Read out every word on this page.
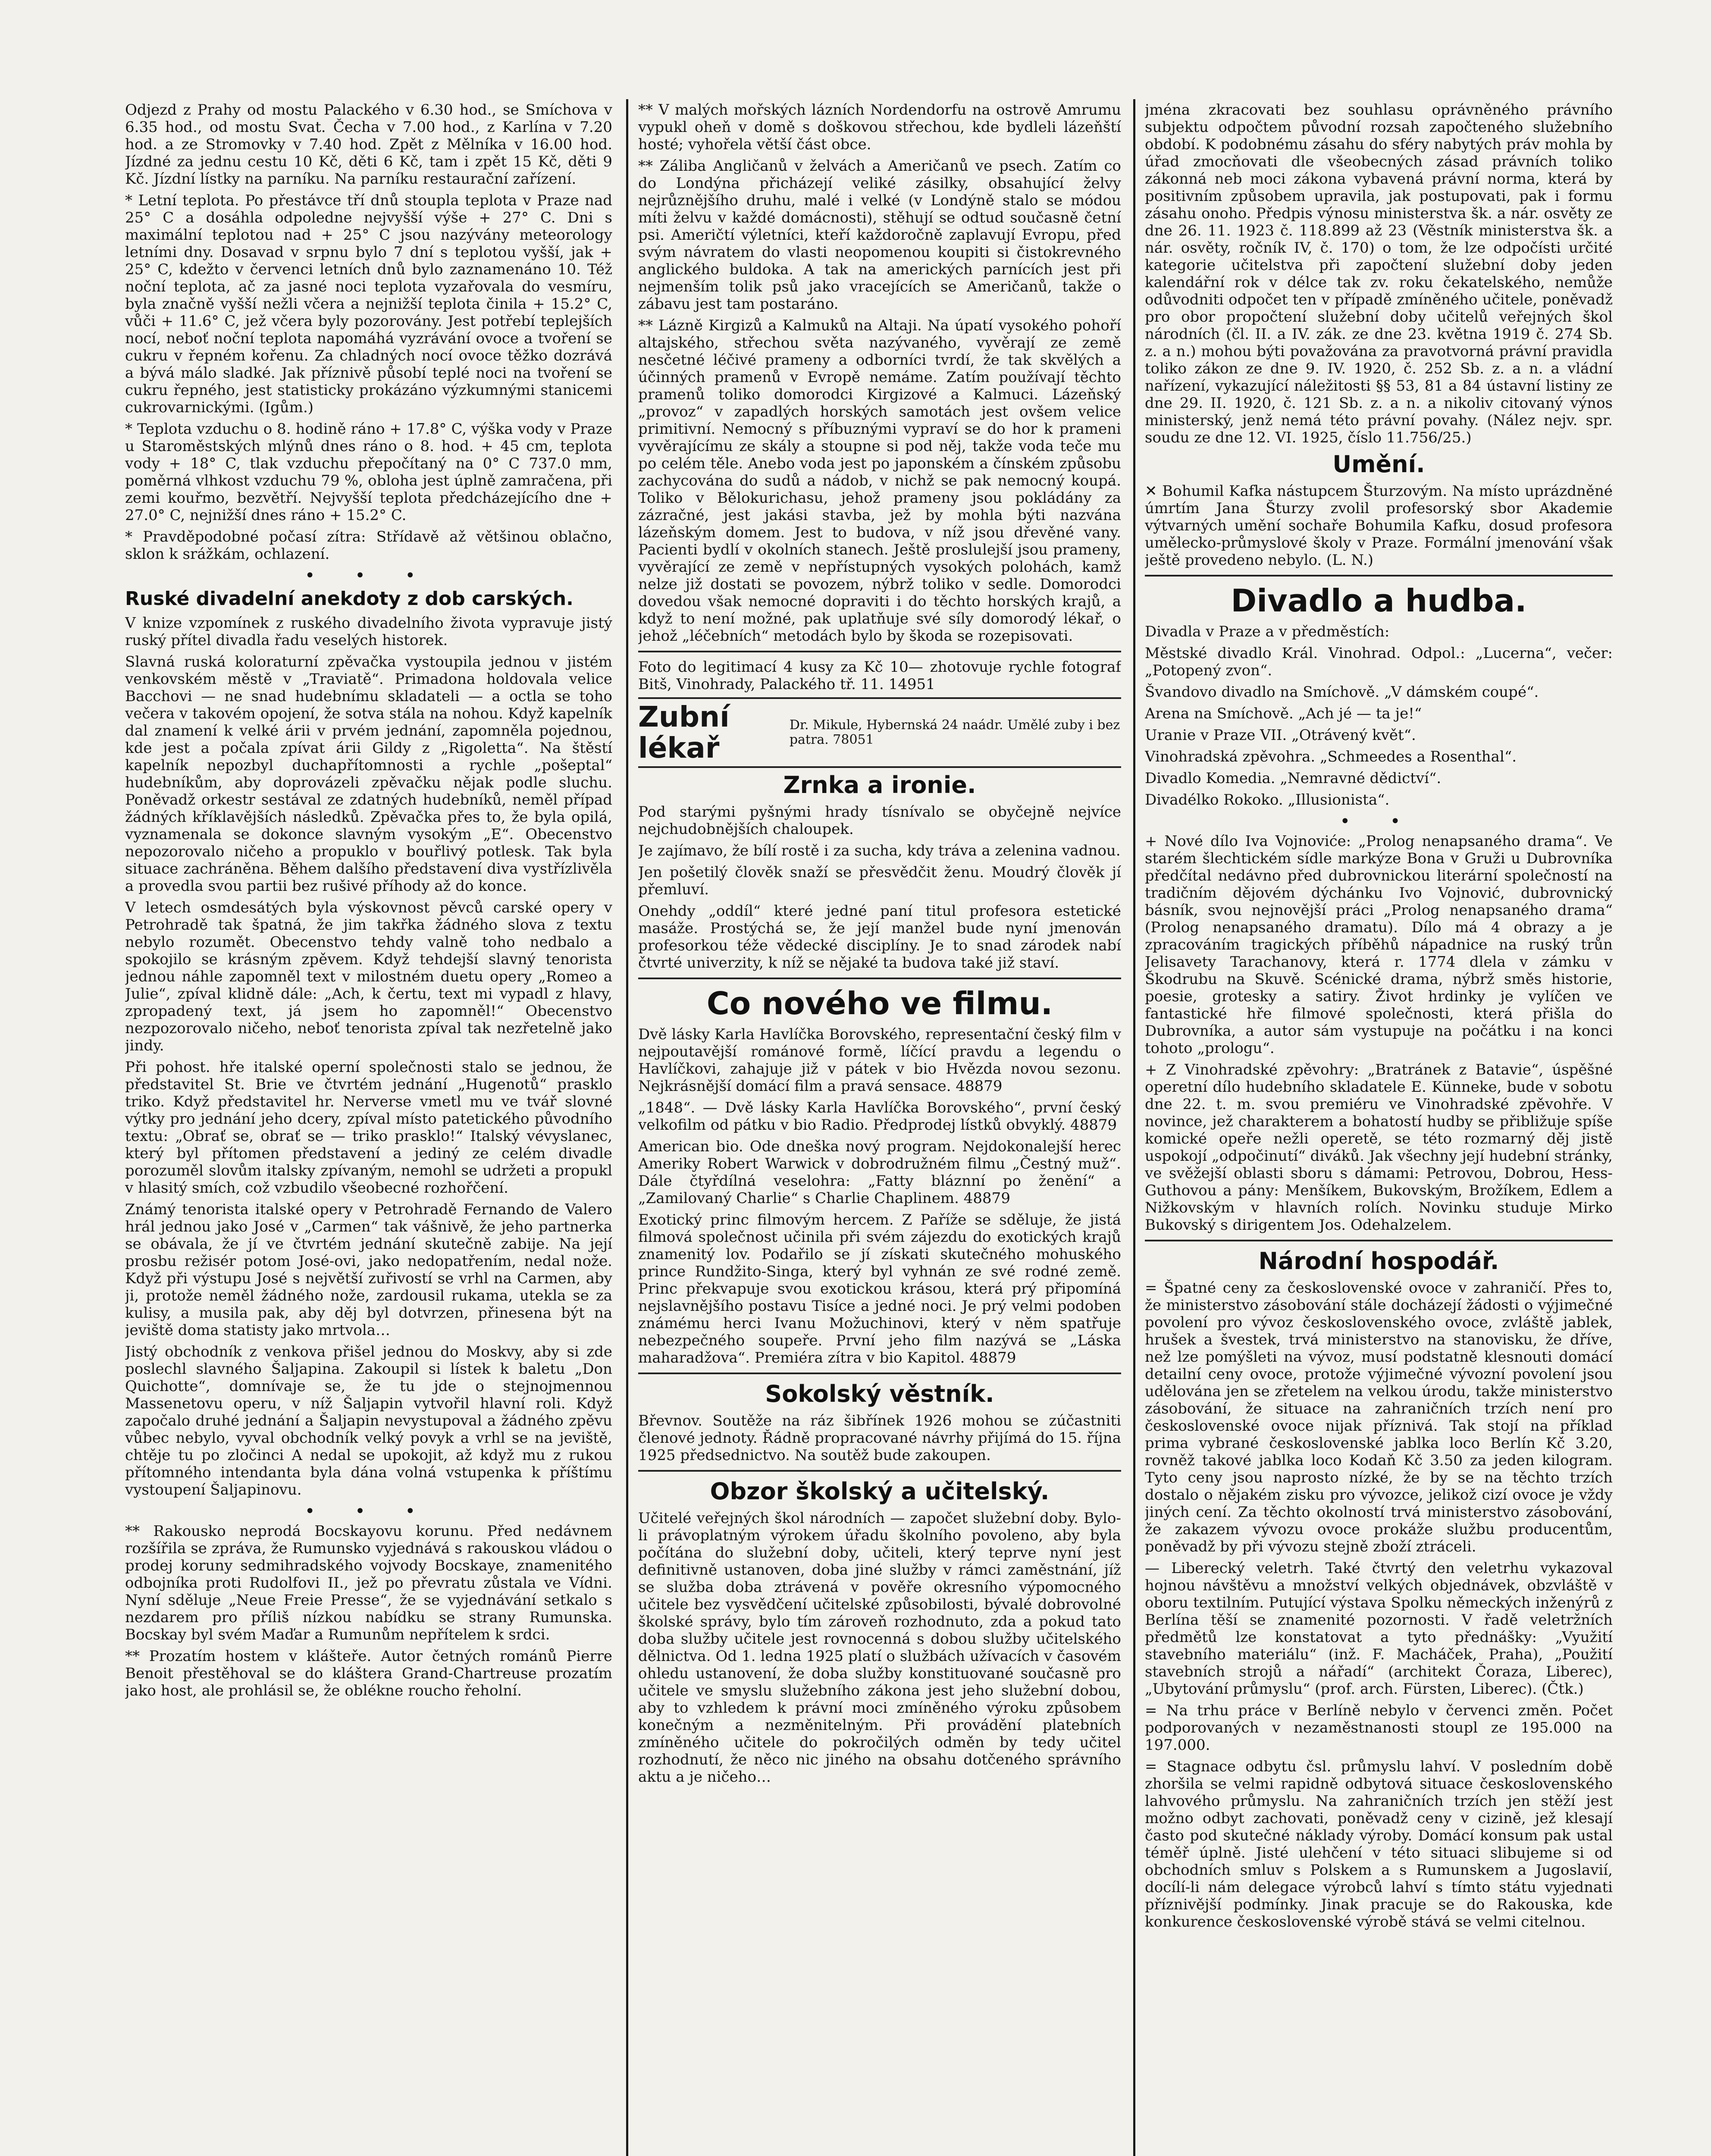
Odjezd z Prahy od mostu Palackého v 6.30 hod., se Smíchova v 6.35 hod., od mostu Svat. Čecha v 7.00 hod., z Karlína v 7.20 hod. a ze Stromovky v 7.40 hod. Zpět z Mělníka v 16.00 hod. Jízdné za jednu cestu 10 Kč, děti 6 Kč, tam i zpět 15 Kč, děti 9 Kč. Jízdní lístky na parníku. Na parníku restaurační zařízení.

* Letní teplota. Po přestávce tří dnů stoupla teplota v Praze nad 25° C a dosáhla odpoledne nejvyšší výše + 27° C. Dni s maximální teplotou nad + 25° C jsou nazývány meteorology letními dny. Dosavad v srpnu bylo 7 dní s teplotou vyšší, jak + 25° C, kdežto v červenci letních dnů bylo zaznamenáno 10. Též noční teplota, ač za jasné noci teplota vyzařovala do vesmíru, byla značně vyšší nežli včera a nejnižší teplota činila + 15.2° C, vůči + 11.6° C, jež včera byly pozorovány. Jest potřebí teplejších nocí, neboť noční teplota napomáhá vyzrávání ovoce a tvoření se cukru v řepném kořenu. Za chladných nocí ovoce těžko dozrává a bývá málo sladké. Jak příznivě působí teplé noci na tvoření se cukru řepného, jest statisticky prokázáno výzkumnými stanicemi cukrovarnickými. (Igům.)

* Teplota vzduchu o 8. hodině ráno + 17.8° C, výška vody v Praze u Staroměstských mlýnů dnes ráno o 8. hod. + 45 cm, teplota vody + 18° C, tlak vzduchu přepočítaný na 0° C 737.0 mm, poměrná vlhkost vzduchu 79 %, obloha jest úplně zamračena, při zemi kouřmo, bezvětří. Nejvyšší teplota předcházejícího dne + 27.0° C, nejnižší dnes ráno + 15.2° C.

* Pravděpodobné počasí zítra: Střídavě až většinou oblačno, sklon k srážkám, ochlazení.

• • •
Ruské divadelní anekdoty z dob carských.

V knize vzpomínek z ruského divadelního života vypravuje jistý ruský přítel divadla řadu veselých historek.

Slavná ruská koloraturní zpěvačka vystoupila jednou v jistém venkovském městě v „Traviatě“. Primadona holdovala velice Bacchovi — ne snad hudebnímu skladateli — a octla se toho večera v takovém opojení, že sotva stála na nohou. Když kapelník dal znamení k velké árii v prvém jednání, zapomněla pojednou, kde jest a počala zpívat árii Gildy z „Rigoletta“. Na štěstí kapelník nepozbyl duchapřítomnosti a rychle „pošeptal“ hudebníkům, aby doprovázeli zpěvačku nějak podle sluchu. Poněvadž orkestr sestával ze zdatných hudebníků, neměl případ žádných kříklavějších následků. Zpěvačka přes to, že byla opilá, vyznamenala se dokonce slavným vysokým „E“. Obecenstvo nepozorovalo ničeho a propuklo v bouřlivý potlesk. Tak byla situace zachráněna. Během dalšího představení diva vystřízlivěla a provedla svou partii bez rušivé příhody až do konce.

V letech osmdesátých byla výskovnost pěvců carské opery v Petrohradě tak špatná, že jim takřka žádného slova z textu nebylo rozumět. Obecenstvo tehdy valně toho nedbalo a spokojilo se krásným zpěvem. Když tehdejší slavný tenorista jednou náhle zapomněl text v milostném duetu opery „Romeo a Julie“, zpíval klidně dále: „Ach, k čertu, text mi vypadl z hlavy, zpropadený text, já jsem ho zapomněl!“ Obecenstvo nezpozorovalo ničeho, neboť tenorista zpíval tak nezřetelně jako jindy.

Při pohost. hře italské operní společnosti stalo se jednou, že představitel St. Brie ve čtvrtém jednání „Hugenotů“ prasklo triko. Když představitel hr. Nerverse vmetl mu ve tvář slovné výtky pro jednání jeho dcery, zpíval místo patetického původního textu: „Obrať se, obrať se — triko prasklo!“ Italský vévyslanec, který byl přítomen představení a jediný ze celém divadle porozuměl slovům italsky zpívaným, nemohl se udržeti a propukl v hlasitý smích, což vzbudilo všeobecné rozhořčení.

Známý tenorista italské opery v Petrohradě Fernando de Valero hrál jednou jako José v „Carmen“ tak vášnivě, že jeho partnerka se obávala, že jí ve čtvrtém jednání skutečně zabije. Na její prosbu režisér potom José-ovi, jako nedopatřením, nedal nože. Když při výstupu José s největší zuřivostí se vrhl na Carmen, aby ji, protože neměl žádného nože, zardousil rukama, utekla se za kulisy, a musila pak, aby děj byl dotvrzen, přinesena být na jeviště doma statisty jako mrtvola…

Jistý obchodník z venkova přišel jednou do Moskvy, aby si zde poslechl slavného Šaljapina. Zakoupil si lístek k baletu „Don Quichotte“, domnívaje se, že tu jde o stejnojmennou Massenetovu operu, v níž Šaljapin vytvořil hlavní roli. Když započalo druhé jednání a Šaljapin nevystupoval a žádného zpěvu vůbec nebylo, vyval obchodník velký povyk a vrhl se na jeviště, chtěje tu po zločinci A nedal se upokojit, až když mu z rukou přítomného intendanta byla dána volná vstupenka k příštímu vystoupení Šaljapinovu.

• • •

** Rakousko neprodá Bocskayovu korunu. Před nedávnem rozšířila se zpráva, že Rumunsko vyjednává s rakouskou vládou o prodej koruny sedmihradského vojvody Bocskaye, znamenitého odbojníka proti Rudolfovi II., jež po převratu zůstala ve Vídni. Nyní sděluje „Neue Freie Presse“, že se vyjednávání setkalo s nezdarem pro příliš nízkou nabídku se strany Rumunska. Bocskay byl svém Maďar a Rumunům nepřítelem k srdci.

** Prozatím hostem v klášteře. Autor četných románů Pierre Benoit přestěhoval se do kláštera Grand-Chartreuse prozatím jako host, ale prohlásil se, že oblékne roucho řeholní.

** V malých mořských lázních Nordendorfu na ostrově Amrumu vypukl oheň v domě s doškovou střechou, kde bydleli lázeňští hosté; vyhořela větší část obce.

** Záliba Angličanů v želvách a Američanů ve psech. Zatím co do Londýna přicházejí veliké zásilky, obsahující želvy nejrůznějšího druhu, malé i velké (v Londýně stalo se módou míti želvu v každé domácnosti), stěhují se odtud současně četní psi. Američtí výletníci, kteří každoročně zaplavují Evropu, před svým návratem do vlasti neopomenou koupiti si čistokrevného anglického buldoka. A tak na amerických parnících jest při nejmenším tolik psů jako vracejících se Američanů, takže o zábavu jest tam postaráno.

** Lázně Kirgizů a Kalmuků na Altaji. Na úpatí vysokého pohoří altajského, střechou světa nazývaného, vyvěrají ze země nesčetné léčivé prameny a odborníci tvrdí, že tak skvělých a účinných pramenů v Evropě nemáme. Zatím používají těchto pramenů toliko domorodci Kirgizové a Kalmuci. Lázeňský „provoz“ v zapadlých horských samotách jest ovšem velice primitivní. Nemocný s příbuznými vypraví se do hor k prameni vyvěrajícímu ze skály a stoupne si pod něj, takže voda teče mu po celém těle. Anebo voda jest po japonském a čínském způsobu zachycována do sudů a nádob, v nichž se pak nemocný koupá. Toliko v Bělokurichasu, jehož prameny jsou pokládány za zázračné, jest jakási stavba, jež by mohla býti nazvána lázeňským domem. Jest to budova, v níž jsou dřevěné vany. Pacienti bydlí v okolních stanech. Ještě proslulejší jsou prameny, vyvěrající ze země v nepřístupných vysokých polohách, kamž nelze již dostati se povozem, nýbrž toliko v sedle. Domorodci dovedou však nemocné dopraviti i do těchto horských krajů, a když to není možné, pak uplatňuje své síly domorodý lékař, o jehož „léčebních“ metodách bylo by škoda se rozepisovati.

Foto do legitimací 4 kusy za Kč 10— zhotovuje rychle fotograf Bitš, Vinohrady, Palackého tř. 11. 14951

Zubní lékař
Dr. Mikule, Hybernská 24 naádr. Umělé zuby i bez patra. 78051
Zrnka a ironie.

Pod starými pyšnými hrady tísnívalo se obyčejně nejvíce nejchudobnějších chaloupek.

Je zajímavo, že bílí rostě i za sucha, kdy tráva a zelenina vadnou.

Jen pošetilý člověk snaží se přesvědčit ženu. Moudrý člověk jí přemluví.

Onehdy „oddíl“ které jedné paní titul profesora estetické masáže. Prostýchá se, že její manžel bude nyní jmenován profesorkou téže vědecké disciplíny. Je to snad zárodek nabí čtvrté univerzity, k níž se nějaké ta budova také již staví.

Co nového ve filmu.

Dvě lásky Karla Havlíčka Borovského, representační český film v nejpoutavější románové formě, líčící pravdu a legendu o Havlíčkovi, zahajuje již v pátek v bio Hvězda novou sezonu. Nejkrásnější domácí film a pravá sensace. 48879

„1848“. — Dvě lásky Karla Havlíčka Borovského“, první český velkofilm od pátku v bio Radio. Předprodej lístků obvyklý. 48879

American bio. Ode dneška nový program. Nejdokonalejší herec Ameriky Robert Warwick v dobrodružném filmu „Čestný muž“. Dále čtyřdílná veselohra: „Fatty bláznní po ženění“ a „Zamilovaný Charlie“ s Charlie Chaplinem. 48879

Exotický princ filmovým hercem. Z Paříže se sděluje, že jistá filmová společnost učinila při svém zájezdu do exotických krajů znamenitý lov. Podařilo se jí získati skutečného mohuského prince Rundžito-Singa, který byl vyhnán ze své rodné země. Princ překvapuje svou exotickou krásou, která prý připomíná nejslavnějšího postavu Tisíce a jedné noci. Je prý velmi podoben známému herci Ivanu Možuchinovi, který v něm spatřuje nebezpečného soupeře. První jeho film nazývá se „Láska maharadžova“. Premiéra zítra v bio Kapitol. 48879

Sokolský věstník.

Břevnov. Soutěže na ráz šibřínek 1926 mohou se zúčastniti členové jednoty. Řádně propracované návrhy přijímá do 15. října 1925 předsednictvo. Na soutěž bude zakoupen.

Obzor školský a učitelský.

Učitelé veřejných škol národních — započet služební doby. Bylo-li právoplatným výrokem úřadu školního povoleno, aby byla počítána do služební doby, učiteli, který teprve nyní jest definitivně ustanoven, doba jiné služby v rámci zaměstnání, jíž se služba doba ztrávená v pověře okresního výpomocného učitele bez vysvědčení učitelské způsobilosti, bývalé dobrovolné školské správy, bylo tím zároveň rozhodnuto, zda a pokud tato doba služby učitele jest rovnocenná s dobou služby učitelského dělnictva. Od 1. ledna 1925 platí o službách užívacích v časovém ohledu ustanovení, že doba služby konstituované současně pro učitele ve smyslu služebního zákona jest jeho služební dobou, aby to vzhledem k právní moci zmíněného výroku způsobem konečným a nezměnitelným. Při provádění platebních zmíněného učitele do pokročilých odměn by tedy učitel rozhodnutí, že něco nic jiného na obsahu dotčeného správního aktu a je ničeho…

jména zkracovati bez souhlasu oprávněného právního subjektu odpočtem původní rozsah započteného služebního období. K podobnému zásahu do sféry nabytých práv mohla by úřad zmocňovati dle všeobecných zásad právních toliko zákonná neb moci zákona vybavená právní norma, která by positivním způsobem upravila, jak postupovati, pak i formu zásahu onoho. Předpis výnosu ministerstva šk. a nár. osvěty ze dne 26. 11. 1923 č. 118.899 až 23 (Věstník ministerstva šk. a nár. osvěty, ročník IV, č. 170) o tom, že lze odpočísti určité kategorie učitelstva při započtení služební doby jeden kalendářní rok v délce tak zv. roku čekatelského, nemůže odůvodniti odpočet ten v případě zmíněného učitele, poněvadž pro obor propočtení služební doby učitelů veřejných škol národních (čl. II. a IV. zák. ze dne 23. května 1919 č. 274 Sb. z. a n.) mohou býti považována za pravotvorná právní pravidla toliko zákon ze dne 9. IV. 1920, č. 252 Sb. z. a n. a vládní nařízení, vykazující náležitosti §§ 53, 81 a 84 ústavní listiny ze dne 29. II. 1920, č. 121 Sb. z. a n. a nikoliv citovaný výnos ministerský, jenž nemá této právní povahy. (Nález nejv. spr. soudu ze dne 12. VI. 1925, číslo 11.756/25.)

Umění.

✕ Bohumil Kafka nástupcem Šturzovým. Na místo uprázdněné úmrtím Jana Šturzy zvolil profesorský sbor Akademie výtvarných umění sochaře Bohumila Kafku, dosud profesora umělecko-průmyslové školy v Praze. Formální jmenování však ještě provedeno nebylo. (L. N.)

Divadlo a hudba.

Divadla v Praze a v předměstích:

Městské divadlo Král. Vinohrad. Odpol.: „Lucerna“, večer: „Potopený zvon“.

Švandovo divadlo na Smíchově. „V dámském coupé“.

Arena na Smíchově. „Ach jé — ta je!“

Uranie v Praze VII. „Otrávený květ“.

Vinohradská zpěvohra. „Schmeedes a Rosenthal“.

Divadlo Komedia. „Nemravné dědictví“.

Divadélko Rokoko. „Illusionista“.

• •

+ Nové dílo Iva Vojnoviće: „Prolog nenapsaného drama“. Ve starém šlechtickém sídle markýze Bona v Gruži u Dubrovníka předčítal nedávno před dubrovnickou literární společností na tradičním dějovém dýchánku Ivo Vojnović, dubrovnický básník, svou nejnovější práci „Prolog nenapsaného drama“ (Prolog nenapsaného dramatu). Dílo má 4 obrazy a je zpracováním tragických příběhů nápadnice na ruský trůn Jelisavety Tarachanovy, která r. 1774 dlela v zámku v Škodrubu na Skuvě. Scénické drama, nýbrž směs historie, poesie, grotesky a satiry. Život hrdinky je vylíčen ve fantastické hře filmové společnosti, která přišla do Dubrovníka, a autor sám vystupuje na počátku i na konci tohoto „prologu“.

+ Z Vinohradské zpěvohry: „Bratránek z Batavie“, úspěšné operetní dílo hudebního skladatele E. Künneke, bude v sobotu dne 22. t. m. svou premiéru ve Vinohradské zpěvohře. V novince, jež charakterem a bohatostí hudby se přibližuje spíše komické opeře nežli operetě, se této rozmarný děj jistě uspokojí „odpočinutí“ diváků. Jak všechny její hudební stránky, ve svěžejší oblasti sboru s dámami: Petrovou, Dobrou, Hess-Guthovou a pány: Menšíkem, Bukovským, Brožíkem, Edlem a Nižkovským v hlavních rolích. Novinku studuje Mirko Bukovský s dirigentem Jos. Odehalzelem.

Národní hospodář.

= Špatné ceny za československé ovoce v zahraničí. Přes to, že ministerstvo zásobování stále docházejí žádosti o výjimečné povolení pro vývoz československého ovoce, zvláště jablek, hrušek a švestek, trvá ministerstvo na stanovisku, že dříve, než lze pomýšleti na vývoz, musí podstatně klesnouti domácí detailní ceny ovoce, protože výjimečné vývozní povolení jsou udělována jen se zřetelem na velkou úrodu, takže ministerstvo zásobování, že situace na zahraničních trzích není pro československé ovoce nijak příznivá. Tak stojí na příklad prima vybrané československé jablka loco Berlín Kč 3.20, rovněž takové jablka loco Kodaň Kč 3.50 za jeden kilogram. Tyto ceny jsou naprosto nízké, že by se na těchto trzích dostalo o nějakém zisku pro vývozce, jelikož cizí ovoce je vždy jiných cení. Za těchto okolností trvá ministerstvo zásobování, že zakazem vývozu ovoce prokáže službu producentům, poněvadž by při vývozu stejně zboží ztráceli.

— Liberecký veletrh. Také čtvrtý den veletrhu vykazoval hojnou návštěvu a množství velkých objednávek, obzvláště v oboru textilním. Putující výstava Spolku německých inženýrů z Berlína těší se znamenité pozornosti. V řadě veletržních předmětů lze konstatovat a tyto přednášky: „Využití stavebního materiálu“ (inž. F. Macháček, Praha), „Použití stavebních strojů a nářadí“ (architekt Čoraza, Liberec), „Ubytování průmyslu“ (prof. arch. Fürsten, Liberec). (Čtk.)

= Na trhu práce v Berlíně nebylo v červenci změn. Počet podporovaných v nezaměstnanosti stoupl ze 195.000 na 197.000.

= Stagnace odbytu čsl. průmyslu lahví. V posledním době zhoršila se velmi rapidně odbytová situace československého lahvového průmyslu. Na zahraničních trzích jen stěží jest možno odbyt zachovati, poněvadž ceny v cizině, jež klesají často pod skutečné náklady výroby. Domácí konsum pak ustal téměř úplně. Jisté ulehčení v této situaci slibujeme si od obchodních smluv s Polskem a s Rumunskem a Jugoslavií, docílí-li nám delegace výrobců lahví s tímto státu vyjednati příznivější podmínky. Jinak pracuje se do Rakouska, kde konkurence československé výrobě stává se velmi citelnou.
